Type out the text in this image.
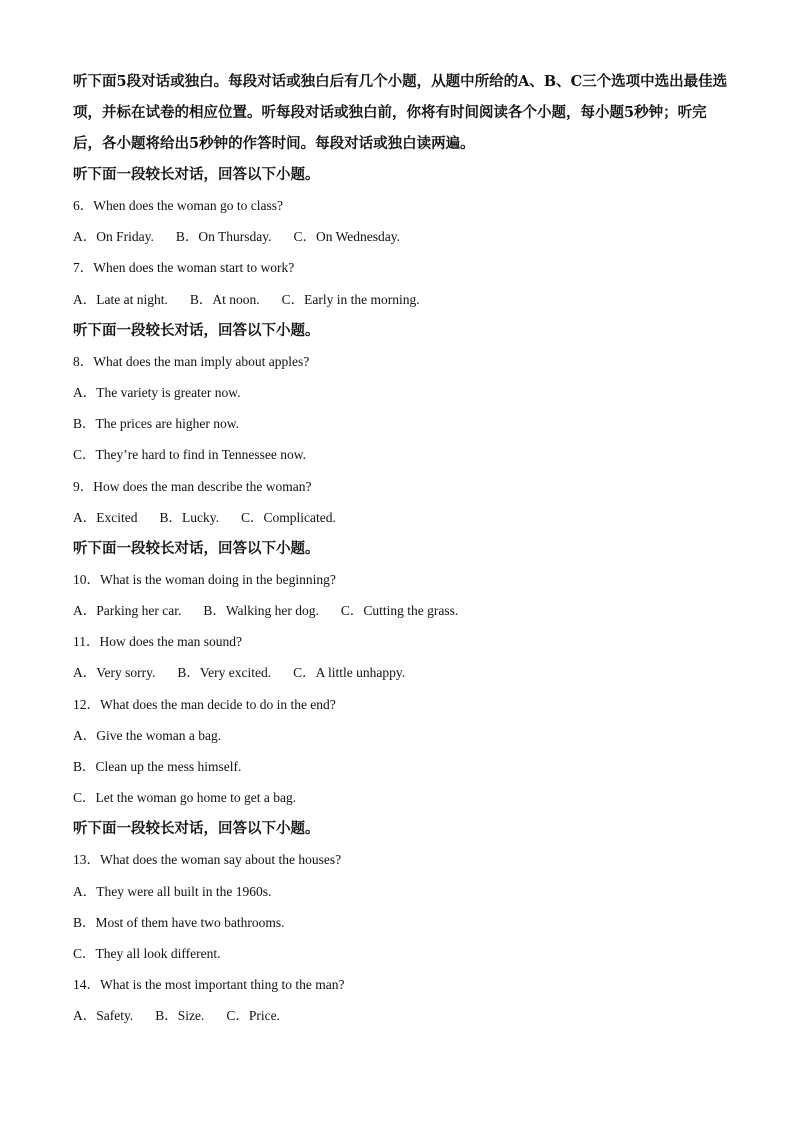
听下面5段对话或独白。每段对话或独白后有几个小题，从题中所给的A、B、C三个选项中选出最佳选项，并标在试卷的相应位置。听每段对话或独白前，你将有时间阅读各个小题，每小题5秒钟；听完后，各小题将给出5秒钟的作答时间。每段对话或独白读两遍。

听下面一段较长对话，回答以下小题。

6．When does the woman go to class?

A．On Friday. B．On Thursday. C．On Wednesday.

7．When does the woman start to work?

A．Late at night. B．At noon. C．Early in the morning.

听下面一段较长对话，回答以下小题。

8．What does the man imply about apples?

A．The variety is greater now.

B．The prices are higher now.

C．They’re hard to find in Tennessee now.

9．How does the man describe the woman?

A．Excited B．Lucky. C．Complicated.

听下面一段较长对话，回答以下小题。

10．What is the woman doing in the beginning?

A．Parking her car. B．Walking her dog. C．Cutting the grass.

11．How does the man sound?

A．Very sorry. B．Very excited. C．A little unhappy.

12．What does the man decide to do in the end?

A．Give the woman a bag.

B．Clean up the mess himself.

C．Let the woman go home to get a bag.

听下面一段较长对话，回答以下小题。

13．What does the woman say about the houses?

A．They were all built in the 1960s.

B．Most of them have two bathrooms.

C．They all look different.

14．What is the most important thing to the man?

A．Safety. B．Size. C．Price.
